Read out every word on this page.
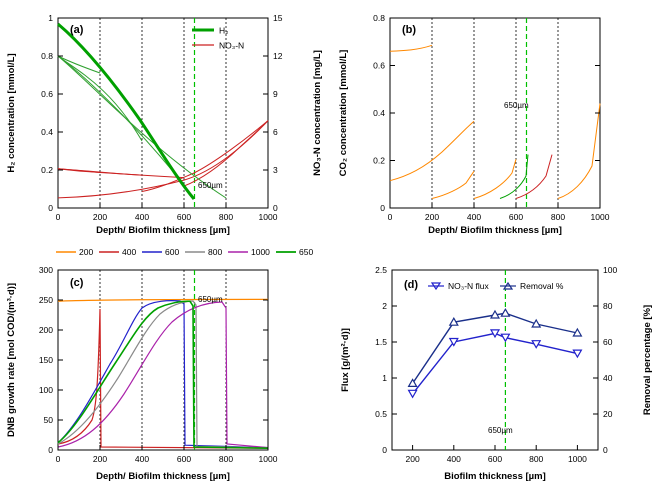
H₂
NO₃-N
(a)
650µm
0	200	400	600	800	1000
0
0.2
0.4
0.6
0.8
1
0
3
6
9
12
15
Depth/ Biofilm thickness [µm]
H₂ concentration [mmol/L]	NO₃-N concentration [mg/L]
(b)
650µm
0	200	400	600	800	1000
0
0.2
0.4
0.6
0.8
Depth/ Biofilm thickness [µm]
CO₂ concentration [mmol/L]
200	400	600	800	1000	650
(c)
650µm
0	200	400	600	800	1000
0
50
100
150
200
250
300
Depth/ Biofilm thickness [µm]
DNB growth rate [mol COD/(m³·d)]	NO₃-N flux	Removal %
(d)
650µm
200	400	600	800	1000
0
0.5
1
1.5
2
2.5
0
20
40
60
80
100
Biofilm thickness [µm]
Flux [g/(m²·d)]	Removal percentage [%]
